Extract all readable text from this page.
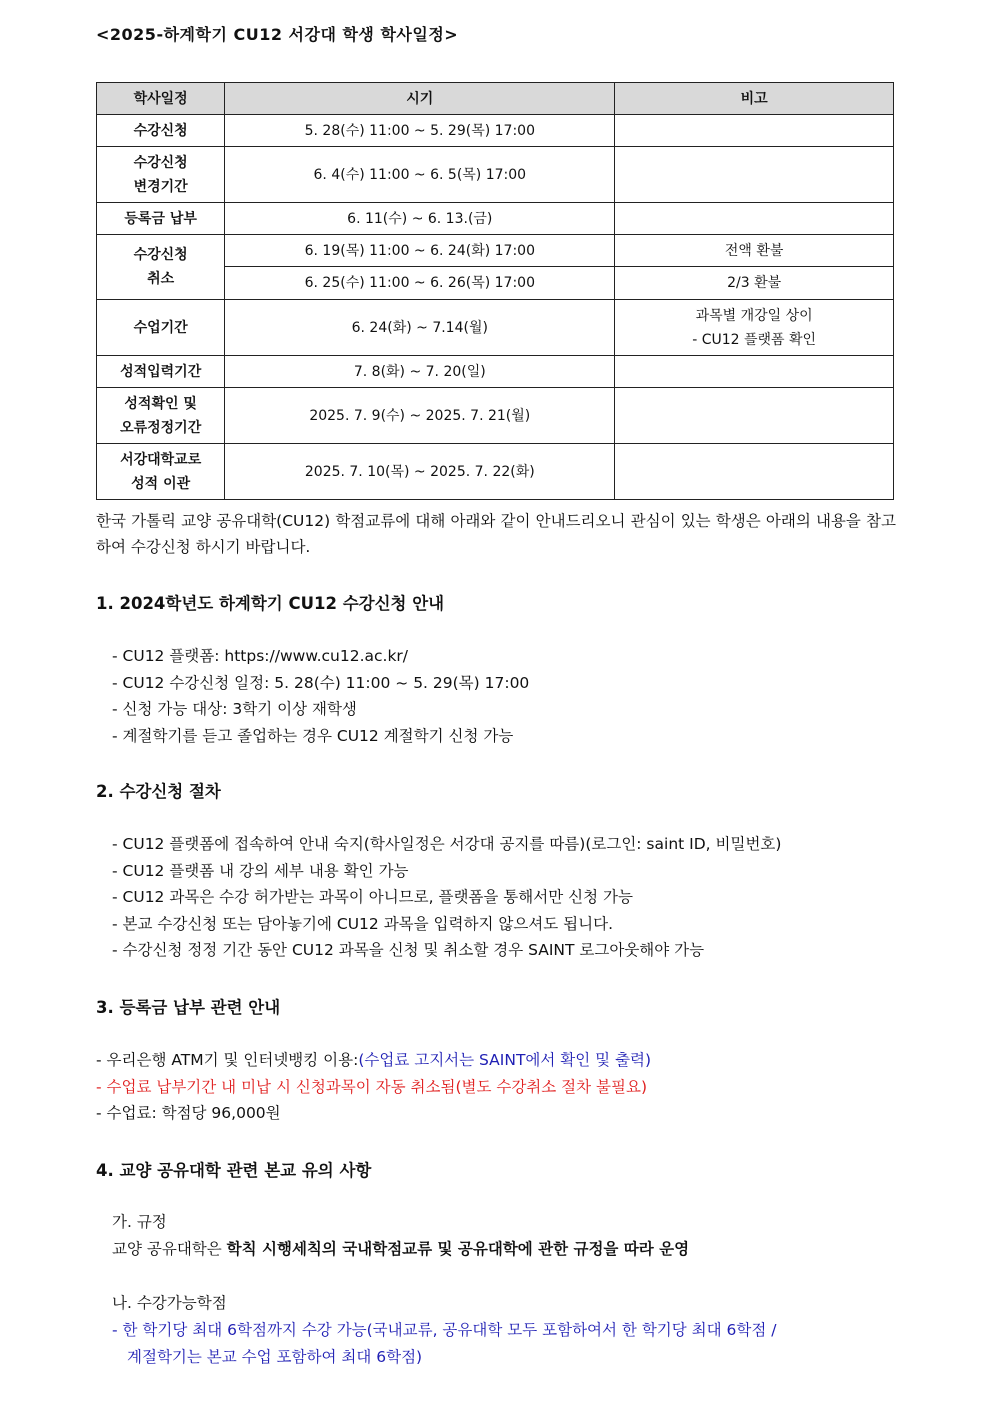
<2025-하계학기 CU12 서강대 학생 학사일정>
학사일정	시기	비고
수강신청	5. 28(수) 11:00 ~ 5. 29(목) 17:00	

수강신청
변경기간	6. 4(수) 11:00 ~ 6. 5(목) 17:00	
등록금 납부	6. 11(수) ~ 6. 13.(금)	

수강신청
취소	6. 19(목) 11:00 ~ 6. 24(화) 17:00	전액 환불
	6. 25(수) 11:00 ~ 6. 26(목) 17:00	2/3 환불
수업기간	6. 24(화) ~ 7.14(월)	과목별 개강일 상이
- CU12 플랫폼 확인

성적입력기간	7. 8(화) ~ 7. 20(일)	

성적확인 및
오류정정기간	2025. 7. 9(수) ~ 2025. 7. 21(월)	

서강대학교로
성적 이관	2025. 7. 10(목) ~ 2025. 7. 22(화)	
한국 가톨릭 교양 공유대학(CU12) 학점교류에 대해 아래와 같이 안내드리오니 관심이 있는 학생은 아래의 내용을 참고하여 수강신청 하시기 바랍니다.
1. 2024학년도 하계학기 CU12 수강신청 안내
- CU12 플랫폼: https://www.cu12.ac.kr/
- CU12 수강신청 일정: 5. 28(수) 11:00 ~ 5. 29(목) 17:00
- 신청 가능 대상: 3학기 이상 재학생
- 계절학기를 듣고 졸업하는 경우 CU12 계절학기 신청 가능
2. 수강신청 절차
- CU12 플랫폼에 접속하여 안내 숙지(학사일정은 서강대 공지를 따름)(로그인: saint ID, 비밀번호)
- CU12 플랫폼 내 강의 세부 내용 확인 가능
- CU12 과목은 수강 허가받는 과목이 아니므로, 플랫폼을 통해서만 신청 가능
- 본교 수강신청 또는 담아놓기에 CU12 과목을 입력하지 않으셔도 됩니다.
- 수강신청 정정 기간 동안 CU12 과목을 신청 및 취소할 경우 SAINT 로그아웃해야 가능
3. 등록금 납부 관련 안내
- 우리은행 ATM기 및 인터넷뱅킹 이용:(수업료 고지서는 SAINT에서 확인 및 출력)
- 수업료 납부기간 내 미납 시 신청과목이 자동 취소됨(별도 수강취소 절차 불필요)
- 수업료: 학점당 96,000원
4. 교양 공유대학 관련 본교 유의 사항
가. 규정
교양 공유대학은 학칙 시행세칙의 국내학점교류 및 공유대학에 관한 규정을 따라 운영
나. 수강가능학점
- 한 학기당 최대 6학점까지 수강 가능(국내교류, 공유대학 모두 포함하여서 한 학기당 최대 6학점 /
계절학기는 본교 수업 포함하여 최대 6학점)
